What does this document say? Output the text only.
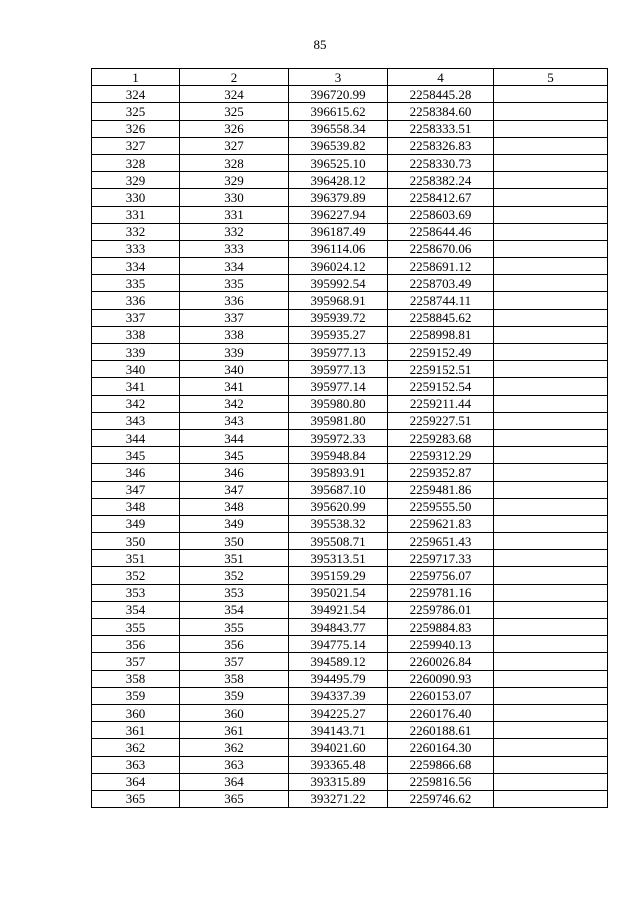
85
1	2	3	4	5
324	324	396720.99	2258445.28	
325	325	396615.62	2258384.60	
326	326	396558.34	2258333.51	
327	327	396539.82	2258326.83	
328	328	396525.10	2258330.73	
329	329	396428.12	2258382.24	
330	330	396379.89	2258412.67	
331	331	396227.94	2258603.69	
332	332	396187.49	2258644.46	
333	333	396114.06	2258670.06	
334	334	396024.12	2258691.12	
335	335	395992.54	2258703.49	
336	336	395968.91	2258744.11	
337	337	395939.72	2258845.62	
338	338	395935.27	2258998.81	
339	339	395977.13	2259152.49	
340	340	395977.13	2259152.51	
341	341	395977.14	2259152.54	
342	342	395980.80	2259211.44	
343	343	395981.80	2259227.51	
344	344	395972.33	2259283.68	
345	345	395948.84	2259312.29	
346	346	395893.91	2259352.87	
347	347	395687.10	2259481.86	
348	348	395620.99	2259555.50	
349	349	395538.32	2259621.83	
350	350	395508.71	2259651.43	
351	351	395313.51	2259717.33	
352	352	395159.29	2259756.07	
353	353	395021.54	2259781.16	
354	354	394921.54	2259786.01	
355	355	394843.77	2259884.83	
356	356	394775.14	2259940.13	
357	357	394589.12	2260026.84	
358	358	394495.79	2260090.93	
359	359	394337.39	2260153.07	
360	360	394225.27	2260176.40	
361	361	394143.71	2260188.61	
362	362	394021.60	2260164.30	
363	363	393365.48	2259866.68	
364	364	393315.89	2259816.56	
365	365	393271.22	2259746.62	
